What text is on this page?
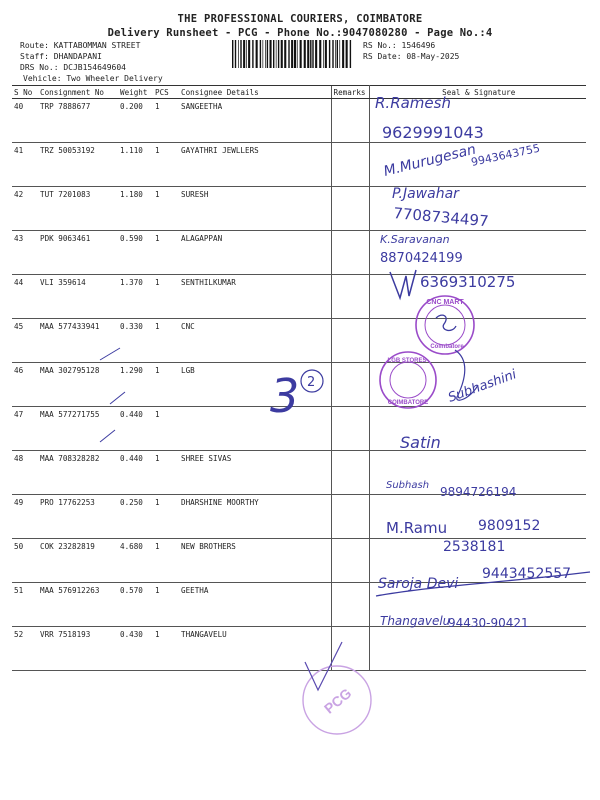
THE PROFESSIONAL COURIERS, COIMBATORE
Delivery Runsheet - PCG - Phone No.:9047080280 - Page No.:4
Route: KATTABOMMAN STREET
Staff: DHANDAPANI
DRS No.: DCJB154649604
Vehicle: Two Wheeler Delivery
RS No.: 1546496
RS Date: 08-May-2025
S No	Consignment No	Weight	PCS	Consignee Details	Remarks	Seal & Signature
40	TRP 7888677	0.200	1	SANGEETHA		
41	TRZ 50053192	1.110	1	GAYATHRI JEWLLERS		
42	TUT 7201083	1.180	1	SURESH		
43	PDK 9063461	0.590	1	ALAGAPPAN		
44	VLI 359614	1.370	1	SENTHILKUMAR		
45	MAA 577433941	0.330	1	CNC		
46	MAA 302795128	1.290	1	LGB		
47	MAA 577271755	0.440	1			
48	MAA 708328282	0.440	1	SHREE SIVAS		
49	PRO 17762253	0.250	1	DHARSHINE MOORTHY		
50	COK 23282819	4.680	1	NEW BROTHERS		
51	MAA 576912263	0.570	1	GEETHA		
52	VRR 7518193	0.430	1	THANGAVELU		
R.Ramesh
9629991043
M.Murugesan
9943643755
P.Jawahar
7708734497
K.Saravanan
8870424199
6369310275
CNC MART
Coimbatore
LGB STORES
COIMBATORE Subhashini
3 2
Satin
Subhash 9894726194
M.Ramu 9809152
2538181
Saroja Devi
9443452557
Thangavelu
94430-90421
PCG
